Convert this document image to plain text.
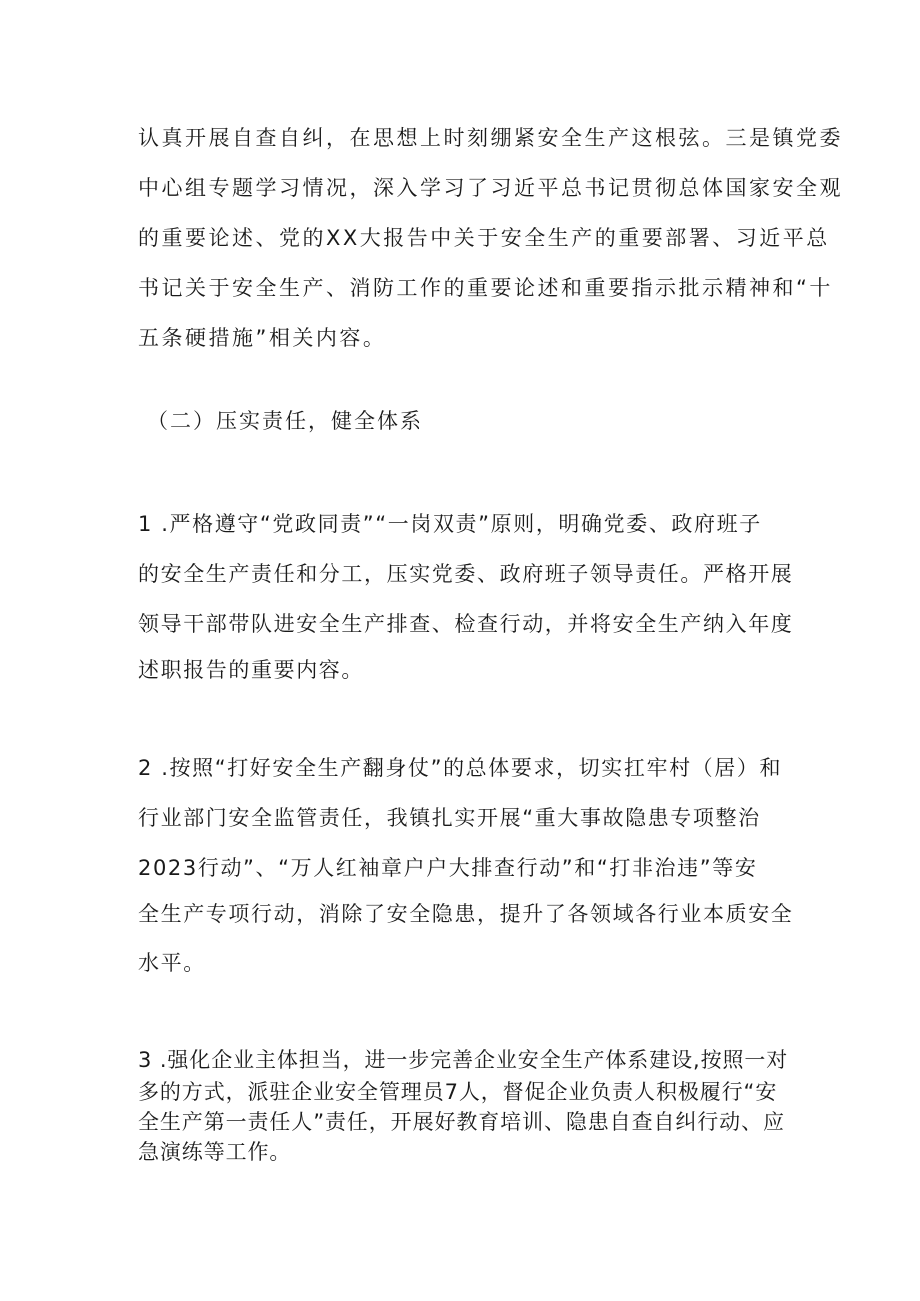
认真开展自查自纠，在思想上时刻绷紧安全生产这根弦。三是镇党委

中心组专题学习情况，深入学习了习近平总书记贯彻总体国家安全观

的重要论述、党的XX大报告中关于安全生产的重要部署、习近平总

书记关于安全生产、消防工作的重要论述和重要指示批示精神和“十

五条硬措施”相关内容。

（二）压实责任，健全体系

1 .严格遵守“党政同责”“一岗双责”原则，明确党委、政府班子

的安全生产责任和分工，压实党委、政府班子领导责任。严格开展

领导干部带队进安全生产排查、检查行动，并将安全生产纳入年度

述职报告的重要内容。

2 .按照“打好安全生产翻身仗”的总体要求，切实扛牢村（居）和

行业部门安全监管责任，我镇扎实开展“重大事故隐患专项整治

2023行动”、“万人红袖章户户大排查行动”和“打非治违”等安

全生产专项行动，消除了安全隐患，提升了各领域各行业本质安全

水平。

3 .强化企业主体担当，进一步完善企业安全生产体系建设,按照一对

多的方式，派驻企业安全管理员7人，督促企业负责人积极履行“安

全生产第一责任人”责任，开展好教育培训、隐患自查自纠行动、应

急演练等工作。
